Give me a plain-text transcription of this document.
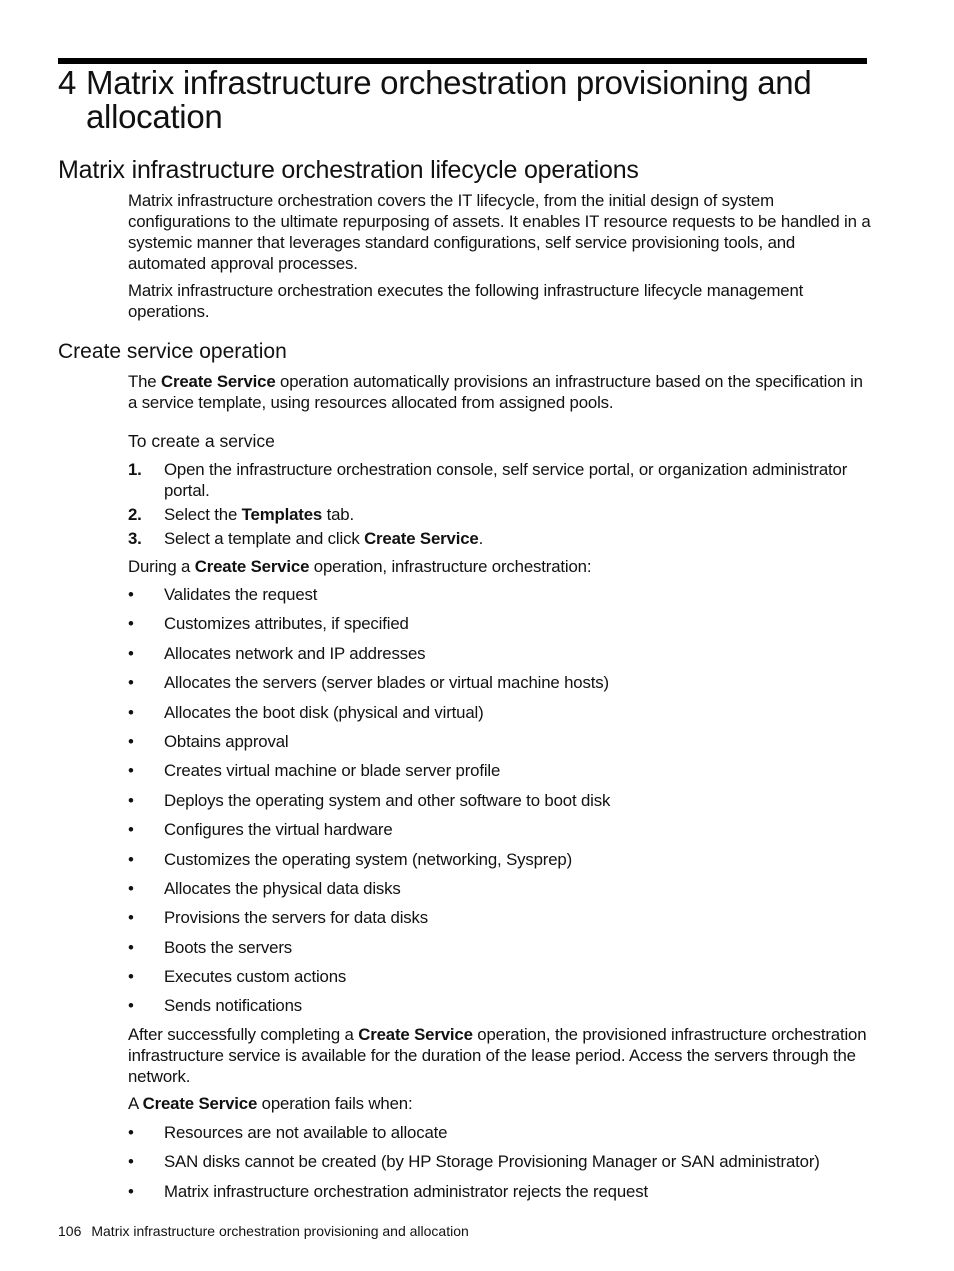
4 Matrix infrastructure orchestration provisioning and allocation
Matrix infrastructure orchestration lifecycle operations

Matrix infrastructure orchestration covers the IT lifecycle, from the initial design of system configurations to the ultimate repurposing of assets. It enables IT resource requests to be handled in a systemic manner that leverages standard configurations, self service provisioning tools, and automated approval processes.

Matrix infrastructure orchestration executes the following infrastructure lifecycle management operations.

Create service operation

The Create Service operation automatically provisions an infrastructure based on the specification in a service template, using resources allocated from assigned pools.

To create a service
1. Open the infrastructure orchestration console, self service portal, or organization administrator portal.
2. Select the Templates tab.
3. Select a template and click Create Service.

During a Create Service operation, infrastructure orchestration:

• Validates the request
• Customizes attributes, if specified
• Allocates network and IP addresses
• Allocates the servers (server blades or virtual machine hosts)
• Allocates the boot disk (physical and virtual)
• Obtains approval
• Creates virtual machine or blade server profile
• Deploys the operating system and other software to boot disk
• Configures the virtual hardware
• Customizes the operating system (networking, Sysprep)
• Allocates the physical data disks
• Provisions the servers for data disks
• Boots the servers
• Executes custom actions
• Sends notifications

After successfully completing a Create Service operation, the provisioned infrastructure orchestration infrastructure service is available for the duration of the lease period. Access the servers through the network.

A Create Service operation fails when:

• Resources are not available to allocate
• SAN disks cannot be created (by HP Storage Provisioning Manager or SAN administrator)
• Matrix infrastructure orchestration administrator rejects the request
106 Matrix infrastructure orchestration provisioning and allocation
